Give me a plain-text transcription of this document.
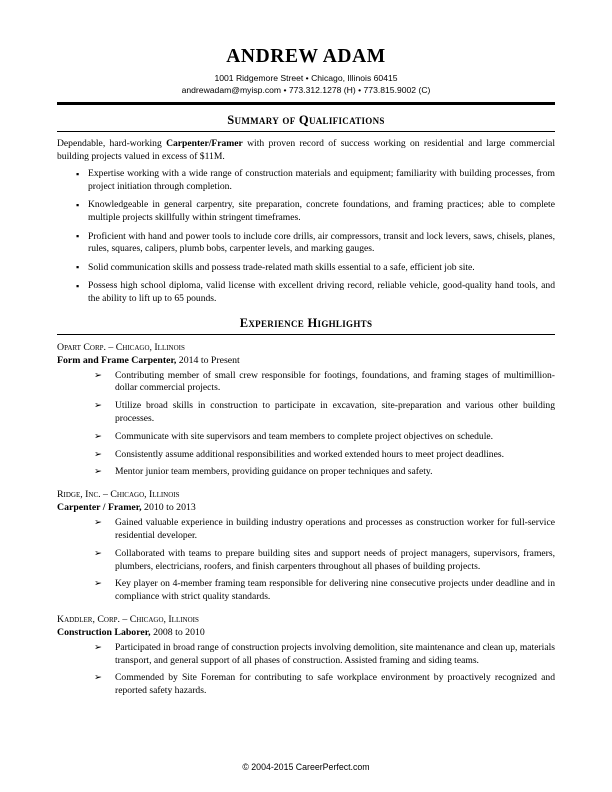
ANDREW ADAM
1001 Ridgemore Street • Chicago, Illinois 60415
andrewadam@myisp.com • 773.312.1278 (H) • 773.815.9002 (C)
Summary of Qualifications

Dependable, hard-working Carpenter/Framer with proven record of success working on residential and large commercial building projects valued in excess of $11M.

▪ Expertise working with a wide range of construction materials and equipment; familiarity with building processes, from project initiation through completion.
▪ Knowledgeable in general carpentry, site preparation, concrete foundations, and framing practices; able to complete multiple projects skillfully within stringent timeframes.
▪ Proficient with hand and power tools to include core drills, air compressors, transit and lock levers, saws, chisels, planes, rules, squares, calipers, plumb bobs, carpenter levels, and marking gauges.
▪ Solid communication skills and possess trade-related math skills essential to a safe, efficient job site.
▪ Possess high school diploma, valid license with excellent driving record, reliable vehicle, good-quality hand tools, and the ability to lift up to 65 pounds.
Experience Highlights
Opart Corp. – Chicago, Illinois
Form and Frame Carpenter, 2014 to Present
➢ Contributing member of small crew responsible for footings, foundations, and framing stages of multimillion-dollar commercial projects.
➢ Utilize broad skills in construction to participate in excavation, site-preparation and various other building processes.
➢ Communicate with site supervisors and team members to complete project objectives on schedule.
➢ Consistently assume additional responsibilities and worked extended hours to meet project deadlines.
➢ Mentor junior team members, providing guidance on proper techniques and safety.
Ridge, Inc. – Chicago, Illinois
Carpenter / Framer, 2010 to 2013
➢ Gained valuable experience in building industry operations and processes as construction worker for full-service residential developer.
➢ Collaborated with teams to prepare building sites and support needs of project managers, supervisors, framers, plumbers, electricians, roofers, and finish carpenters throughout all phases of building projects.
➢ Key player on 4-member framing team responsible for delivering nine consecutive projects under deadline and in compliance with strict quality standards.
Kaddler, Corp. – Chicago, Illinois
Construction Laborer, 2008 to 2010
➢ Participated in broad range of construction projects involving demolition, site maintenance and clean up, materials transport, and general support of all phases of construction. Assisted framing and siding teams.
➢ Commended by Site Foreman for contributing to safe workplace environment by proactively recognized and reported safety hazards.
© 2004-2015 CareerPerfect.com
